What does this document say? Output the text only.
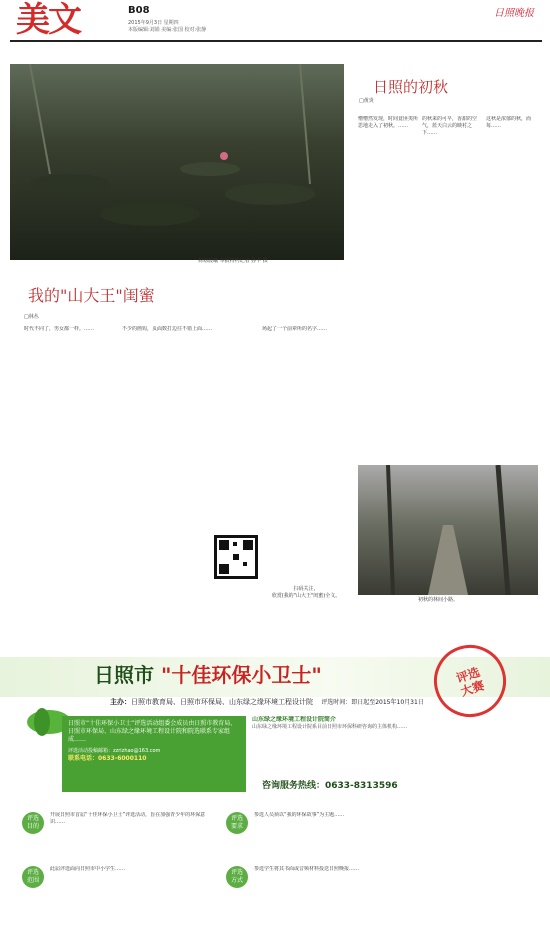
美文	B08
2015年9月3日 星期四
本版编辑:刘娟 美编:张国 校对:张静
日照晚报
荷塘晨曦 本报特约记者 孙平 摄
日照的初秋
□黄炎
懵懵然发现，时间竟匪夷所思地走入了初秋。……
的秋来的可早，香甜的空气，蓝天白云的映衬之下……
这秋是浓郁的秋，而每……
初秋的林间小路。
我的"山大王"闺蜜
□林丛
时代不同了，男女都一样。……	不少的画钩，页面数打边往不错上面……	场起了一个前辈所的名字……
扫码关注，
欣赏(我的"山大王"闺蜜)全文。
日照市 "十佳环保小卫士"	评选
大赛
主办：日照市教育局、日照市环保局、山东绿之缘环境工程设计院 评选时间：即日起至2015年10月31日
日照市“十佳环保小卫士”评选活动组委会成员由日照市教育局、日照市环保局、山东绿之缘环境工程设计院和院选联系专家组成……
评选活动投稿邮箱：zzrizhao@163.com
联系电话：0633-6000110
山东绿之缘环境工程设计院简介
山东绿之缘环境工程设计院系目前日照市环保科研咨询的主体机构……
咨询服务热线：0633-8313596
评选
目的
开展日照市首届“十佳环保小卫士”评选活动，旨在加强青少年的环保意识……	评选
要求
参选人员须以“我的环保故事”为主题……
评选
范围
此届评选面向日照市中小学生……	评选
方式
参选学生将其书面或音频材料投送日照晚报……
